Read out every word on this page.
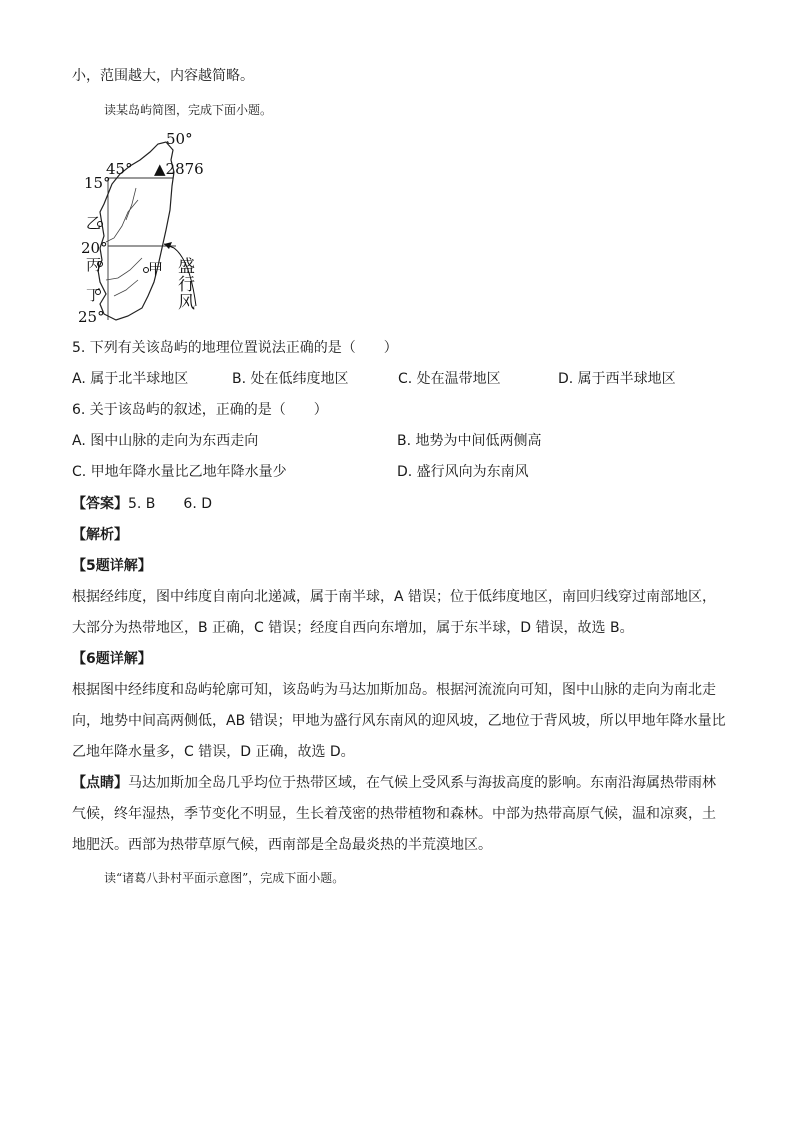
小，范围越大，内容越简略。
读某岛屿简图，完成下面小题。
50°
45°
15°
20°
25°
▲2876
乙
丙
丁
甲 盛
行
风
5. 下列有关该岛屿的地理位置说法正确的是（　　）
A. 属于北半球地区	B. 处在低纬度地区	C. 处在温带地区	D. 属于西半球地区
6. 关于该岛屿的叙述，正确的是（　　）
A. 图中山脉的走向为东西走向	B. 地势为中间低两侧高
C. 甲地年降水量比乙地年降水量少	D. 盛行风向为东南风
【答案】5. B　　6. D
【解析】
【5题详解】
根据经纬度，图中纬度自南向北递减，属于南半球，A 错误；位于低纬度地区，南回归线穿过南部地区，
大部分为热带地区，B 正确，C 错误；经度自西向东增加，属于东半球，D 错误，故选 B。
【6题详解】
根据图中经纬度和岛屿轮廓可知，该岛屿为马达加斯加岛。根据河流流向可知，图中山脉的走向为南北走
向，地势中间高两侧低，AB 错误；甲地为盛行风东南风的迎风坡，乙地位于背风坡，所以甲地年降水量比
乙地年降水量多，C 错误，D 正确，故选 D。
【点睛】马达加斯加全岛几乎均位于热带区域，在气候上受风系与海拔高度的影响。东南沿海属热带雨林
气候，终年湿热，季节变化不明显，生长着茂密的热带植物和森林。中部为热带高原气候，温和凉爽，土
地肥沃。西部为热带草原气候，西南部是全岛最炎热的半荒漠地区。
读“诸葛八卦村平面示意图”，完成下面小题。
